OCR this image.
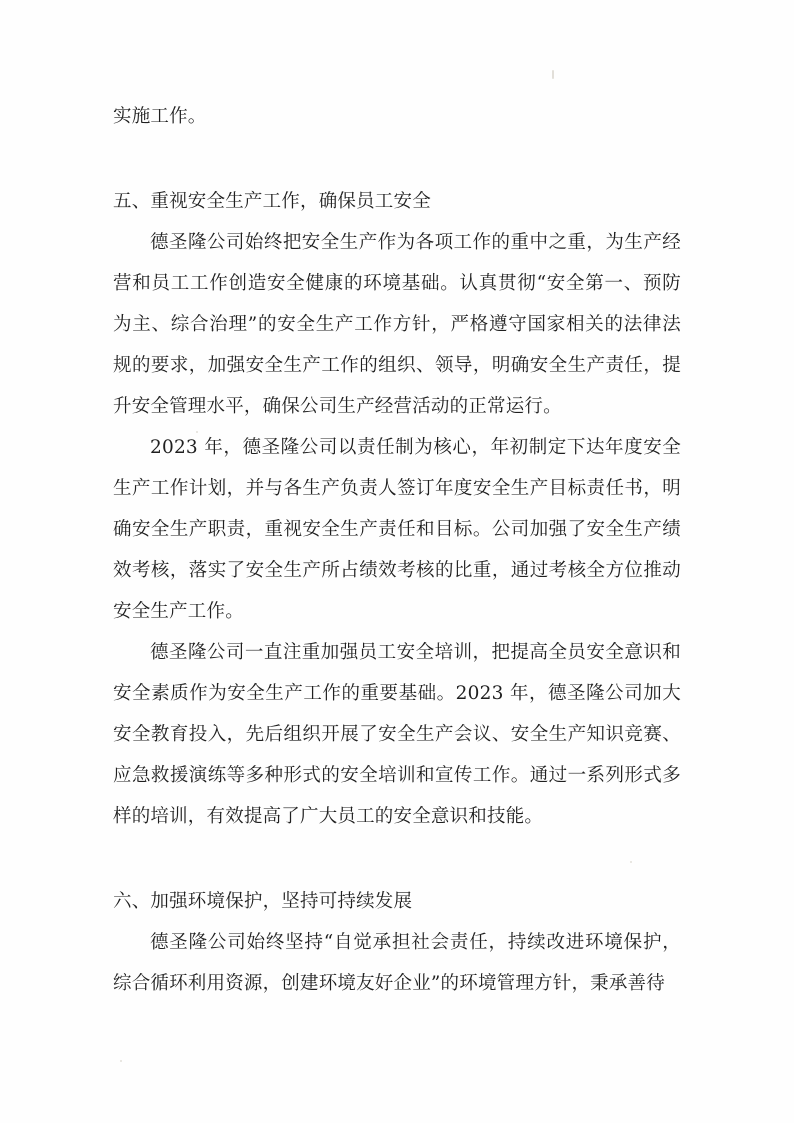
实施工作。

五、重视安全生产工作，确保员工安全

德圣隆公司始终把安全生产作为各项工作的重中之重，为生产经营和员工工作创造安全健康的环境基础。认真贯彻“安全第一、预防为主、综合治理”的安全生产工作方针，严格遵守国家相关的法律法规的要求，加强安全生产工作的组织、领导，明确安全生产责任，提升安全管理水平，确保公司生产经营活动的正常运行。

2023 年，德圣隆公司以责任制为核心，年初制定下达年度安全生产工作计划，并与各生产负责人签订年度安全生产目标责任书，明确安全生产职责，重视安全生产责任和目标。公司加强了安全生产绩效考核，落实了安全生产所占绩效考核的比重，通过考核全方位推动安全生产工作。

德圣隆公司一直注重加强员工安全培训，把提高全员安全意识和安全素质作为安全生产工作的重要基础。2023 年，德圣隆公司加大安全教育投入，先后组织开展了安全生产会议、安全生产知识竞赛、应急救援演练等多种形式的安全培训和宣传工作。通过一系列形式多样的培训，有效提高了广大员工的安全意识和技能。

六、加强环境保护，坚持可持续发展

德圣隆公司始终坚持“自觉承担社会责任，持续改进环境保护，综合循环利用资源，创建环境友好企业”的环境管理方针，秉承善待
